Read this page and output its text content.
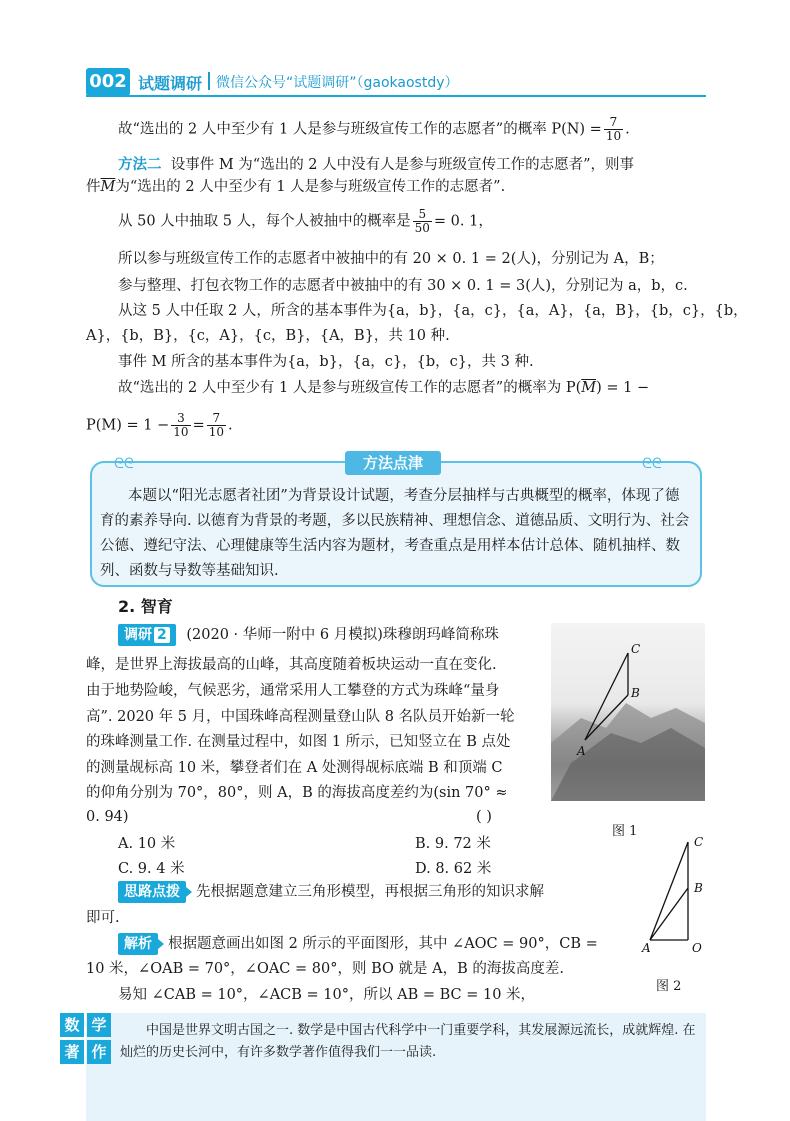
002 试题调研 微信公众号“试题调研”（gaokaostdy）
故“选出的 2 人中至少有 1 人是参与班级宣传工作的志愿者”的概率 $P(N) = \frac{7}{10}$ .
方法二 设事件 M 为“选出的 2 人中没有人是参与班级宣传工作的志愿者”，则事
件$\overline{M}$为“选出的 2 人中至少有 1 人是参与班级宣传工作的志愿者”.
从 50 人中抽取 5 人，每个人被抽中的概率是 $\frac{5}{50} = 0$. 1，
所以参与班级宣传工作的志愿者中被抽中的有 20 × 0. 1 = 2(人)，分别记为 A，B；
参与整理、打包衣物工作的志愿者中被抽中的有 30 × 0. 1 = 3(人)，分别记为 a，b，c.
从这 5 人中任取 2 人，所含的基本事件为{a，b}，{a，c}，{a，A}，{a，B}，{b，c}，{b，
A}，{b，B}，{c，A}，{c，B}，{A，B}，共 10 种.
事件 M 所含的基本事件为{a，b}，{a，c}，{b，c}，共 3 种.
故“选出的 2 人中至少有 1 人是参与班级宣传工作的志愿者”的概率为 $P(\overline{M}) = 1$ −
$P(M) = 1 - \frac{3}{10} = \frac{7}{10}$ .
ᘓᘓ	ᘓᘓ
方法点津
本题以“阳光志愿者社团”为背景设计试题，考查分层抽样与古典概型的概率，体现了德育的素养导向. 以德育为背景的考题，多以民族精神、理想信念、道德品质、文明行为、社会公德、遵纪守法、心理健康等生活内容为题材，考查重点是用样本估计总体、随机抽样、数列、函数与导数等基础知识.
2. 智育
调研 2 (2020 · 华师一附中 6 月模拟)珠穆朗玛峰简称珠
峰，是世界上海拔最高的山峰，其高度随着板块运动一直在变化.
由于地势险峻，气候恶劣，通常采用人工攀登的方式为珠峰“量身
高”. 2020 年 5 月，中国珠峰高程测量登山队 8 名队员开始新一轮
的珠峰测量工作. 在测量过程中，如图 1 所示，已知竖立在 B 点处
的测量觇标高 10 米，攀登者们在 A 处测得觇标底端 B 和顶端 C
的仰角分别为 70°，80°，则 A，B 的海拔高度差约为(sin 70° ≈
0. 94)	( )
C
B
A
图 1
A. 10 米	B. 9. 72 米
C. 9. 4 米	D. 8. 62 米
C
B
A	O
图 2
思路点拨 先根据题意建立三角形模型，再根据三角形的知识求解
即可.
解析 根据题意画出如图 2 所示的平面图形，其中 ∠AOC = 90°，CB =
10 米，∠OAB = 70°，∠OAC = 80°，则 BO 就是 A，B 的海拔高度差.
易知 ∠CAB = 10°，∠ACB = 10°，所以 AB = BC = 10 米，
数 学
著 作
中国是世界文明古国之一. 数学是中国古代科学中一门重要学科，其发展源远流长，成就辉煌. 在灿烂的历史长河中，有许多数学著作值得我们一一品读.
